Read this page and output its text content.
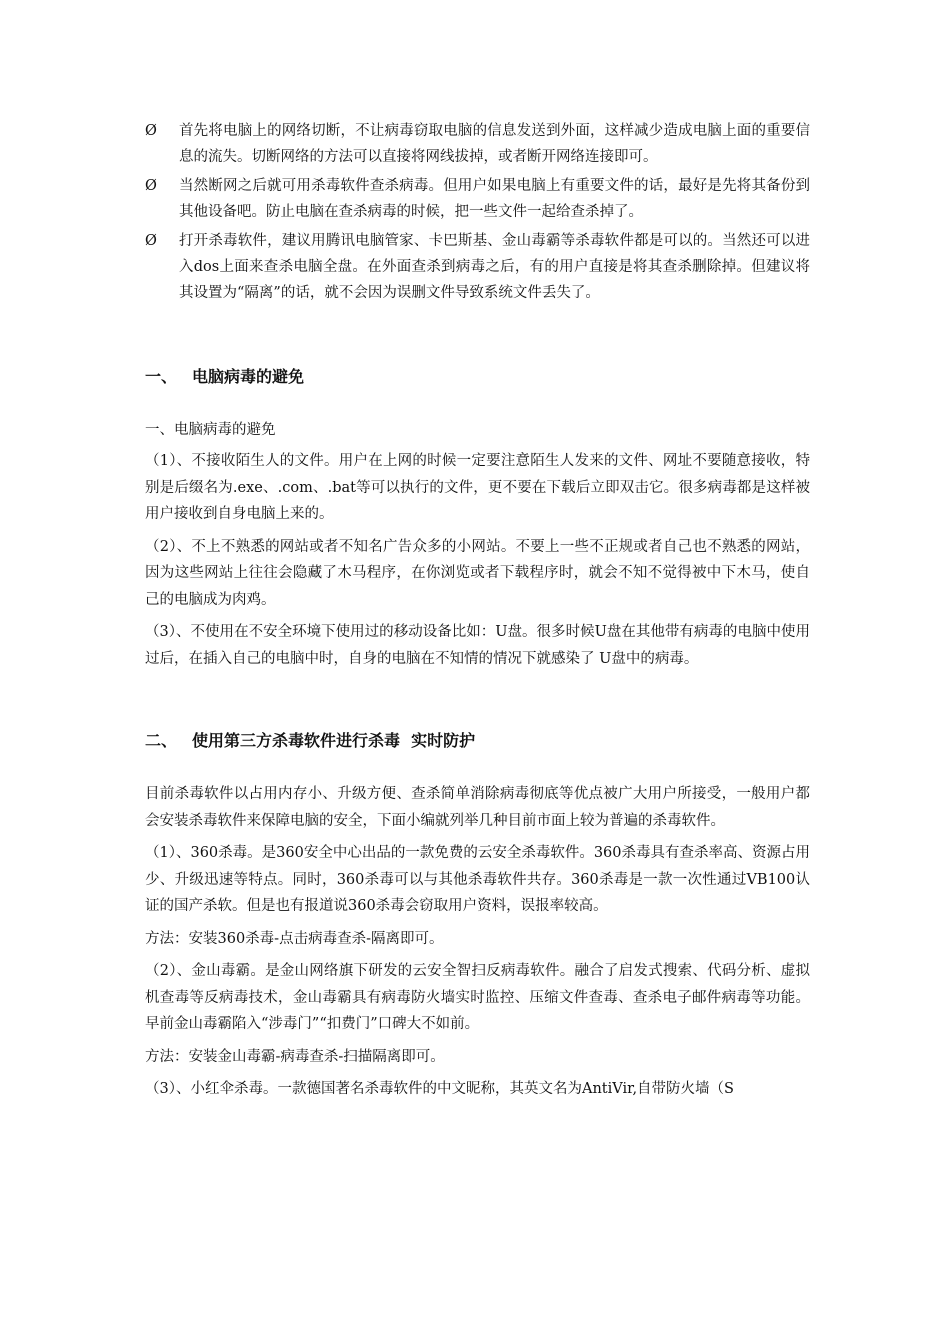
Ø 首先将电脑上的网络切断，不让病毒窃取电脑的信息发送到外面，这样减少造成电脑上面的重要信息的流失。切断网络的方法可以直接将网线拔掉，或者断开网络连接即可。
Ø 当然断网之后就可用杀毒软件查杀病毒。但用户如果电脑上有重要文件的话，最好是先将其备份到其他设备吧。防止电脑在查杀病毒的时候，把一些文件一起给查杀掉了。
Ø 打开杀毒软件，建议用腾讯电脑管家、卡巴斯基、金山毒霸等杀毒软件都是可以的。当然还可以进入dos上面来查杀电脑全盘。在外面查杀到病毒之后，有的用户直接是将其查杀删除掉。但建议将其设置为“隔离”的话，就不会因为误删文件导致系统文件丢失了。
一、 电脑病毒的避免
一、电脑病毒的避免

（1）、不接收陌生人的文件。用户在上网的时候一定要注意陌生人发来的文件、网址不要随意接收，特别是后缀名为.exe、.com、.bat等可以执行的文件，更不要在下载后立即双击它。很多病毒都是这样被用户接收到自身电脑上来的。

（2）、不上不熟悉的网站或者不知名广告众多的小网站。不要上一些不正规或者自己也不熟悉的网站，因为这些网站上往往会隐藏了木马程序，在你浏览或者下载程序时，就会不知不觉得被中下木马，使自己的电脑成为肉鸡。

（3）、不使用在不安全环境下使用过的移动设备比如：U盘。很多时候U盘在其他带有病毒的电脑中使用过后，在插入自己的电脑中时，自身的电脑在不知情的情况下就感染了 U盘中的病毒。

二、 使用第三方杀毒软件进行杀毒  实时防护

目前杀毒软件以占用内存小、升级方便、查杀简单消除病毒彻底等优点被广大用户所接受，一般用户都会安装杀毒软件来保障电脑的安全，下面小编就列举几种目前市面上较为普遍的杀毒软件。

（1）、360杀毒。是360安全中心出品的一款免费的云安全杀毒软件。360杀毒具有查杀率高、资源占用少、升级迅速等特点。同时，360杀毒可以与其他杀毒软件共存。360杀毒是一款一次性通过VB100认证的国产杀软。但是也有报道说360杀毒会窃取用户资料，误报率较高。

方法：安装360杀毒-点击病毒查杀-隔离即可。

（2）、金山毒霸。是金山网络旗下研发的云安全智扫反病毒软件。融合了启发式搜索、代码分析、虚拟机查毒等反病毒技术，金山毒霸具有病毒防火墙实时监控、压缩文件查毒、查杀电子邮件病毒等功能。早前金山毒霸陷入“涉毒门”“扣费门”口碑大不如前。

方法：安装金山毒霸-病毒查杀-扫描隔离即可。

（3）、小红伞杀毒。一款德国著名杀毒软件的中文昵称，其英文名为AntiVir,自带防火墙（S
